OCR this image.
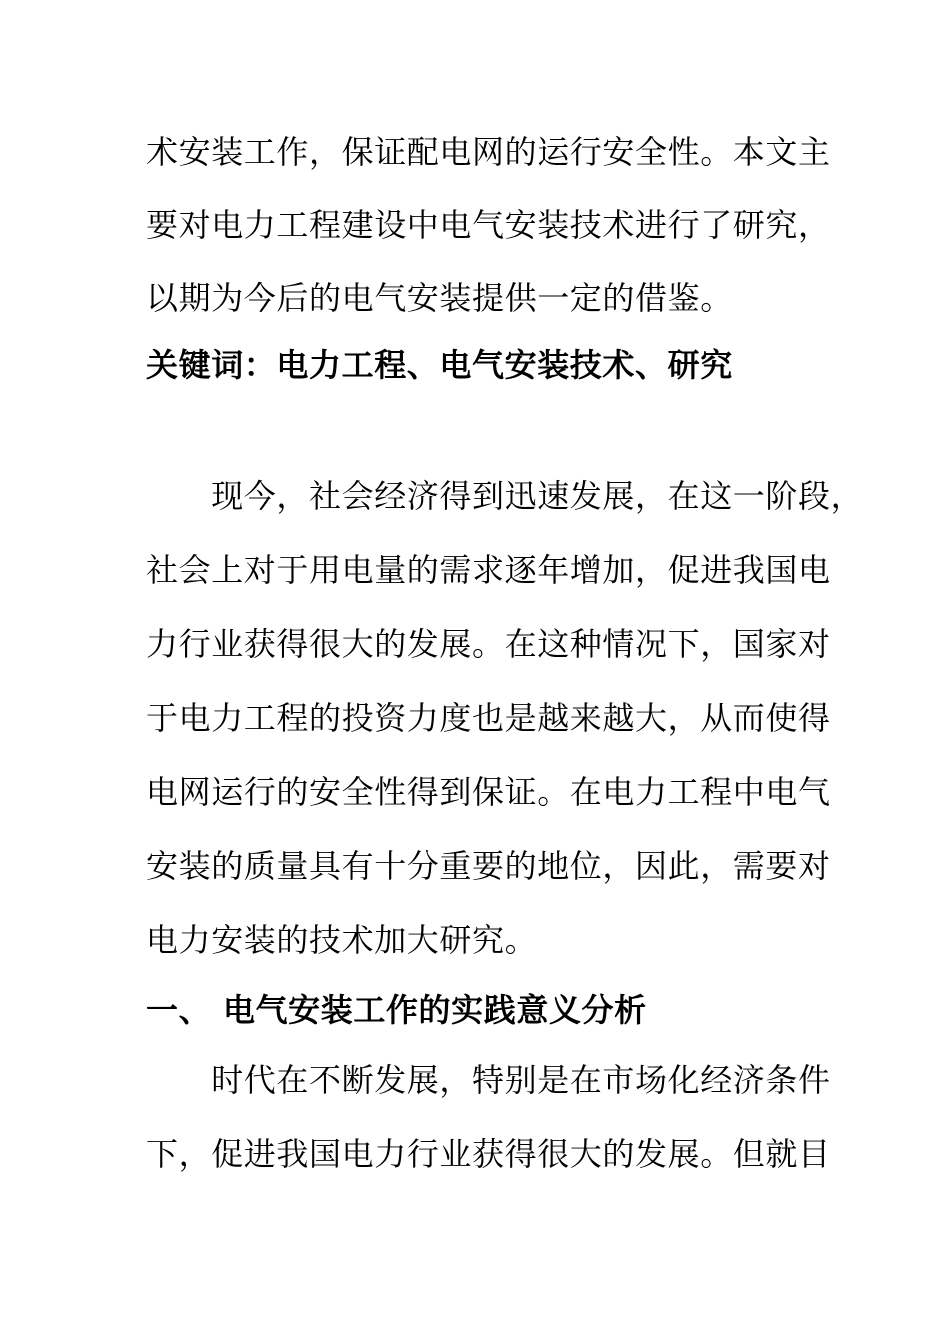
术安装工作，保证配电网的运行安全性。本文主
要对电力工程建设中电气安装技术进行了研究，
以期为今后的电气安装提供一定的借鉴。
关键词：电力工程、电气安装技术、研究
　　现今，社会经济得到迅速发展，在这一阶段，
社会上对于用电量的需求逐年增加，促进我国电
力行业获得很大的发展。在这种情况下，国家对
于电力工程的投资力度也是越来越大，从而使得
电网运行的安全性得到保证。在电力工程中电气
安装的质量具有十分重要的地位，因此，需要对
电力安装的技术加大研究。
一、 电气安装工作的实践意义分析
　　时代在不断发展，特别是在市场化经济条件
下，促进我国电力行业获得很大的发展。但就目
